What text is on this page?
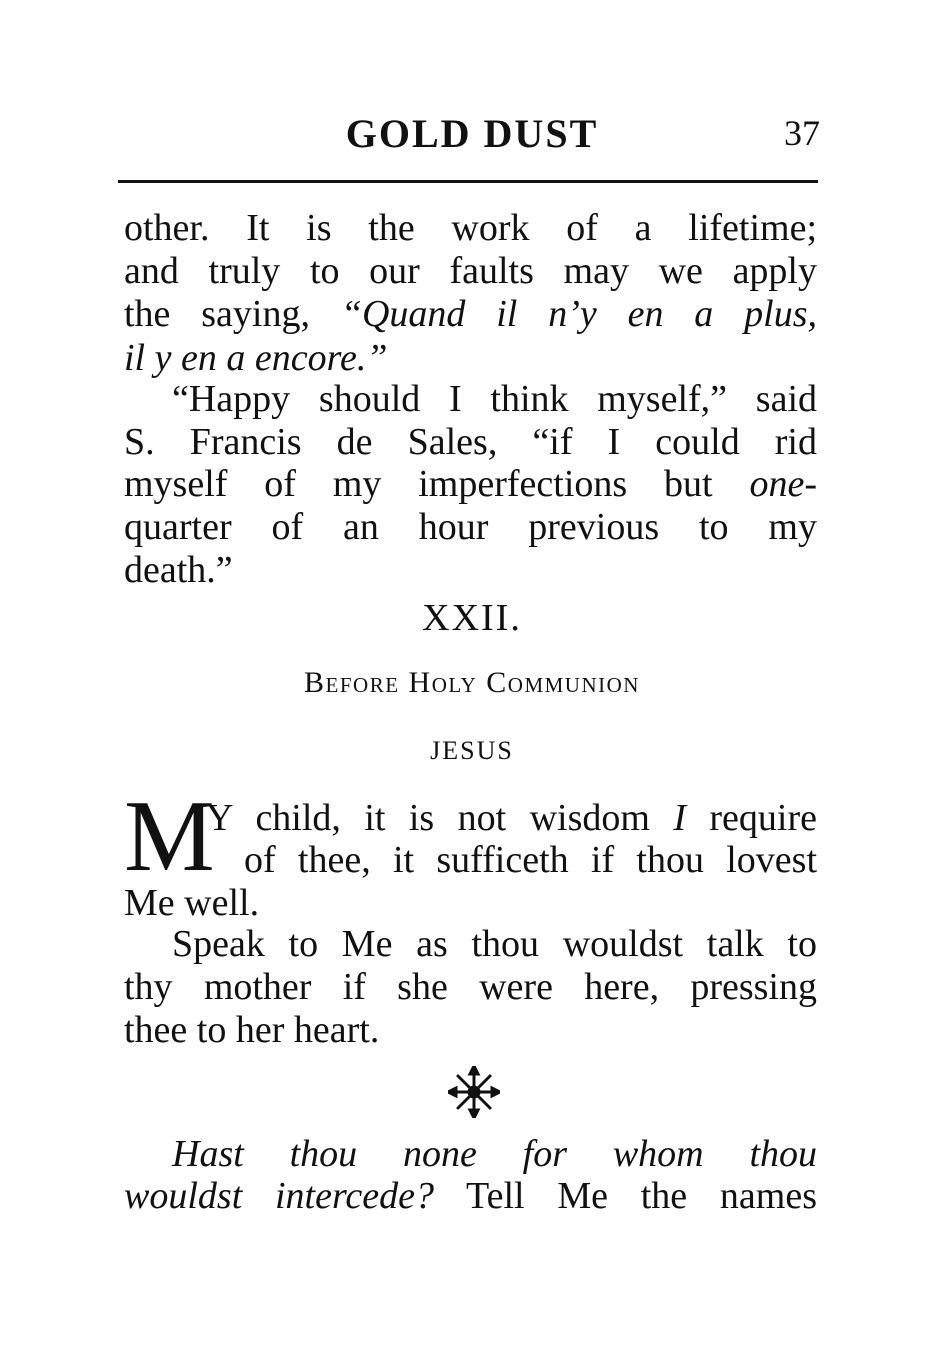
GOLD DUST	37
other. It is the work of a lifetime;
and truly to our faults may we apply
the saying, “Quand il n’y en a plus,
il y en a encore.”
“Happy should I think myself,” said
S. Francis de Sales, “if I could rid
myself of my imperfections but one-
quarter of an hour previous to my
death.”
XXII.
Before Holy Communion
JESUS
M
Y child, it is not wisdom I require
of thee, it sufficeth if thou lovest
Me well.
Speak to Me as thou wouldst talk to
thy mother if she were here, pressing
thee to her heart.
Hast thou none for whom thou
wouldst intercede? Tell Me the names
